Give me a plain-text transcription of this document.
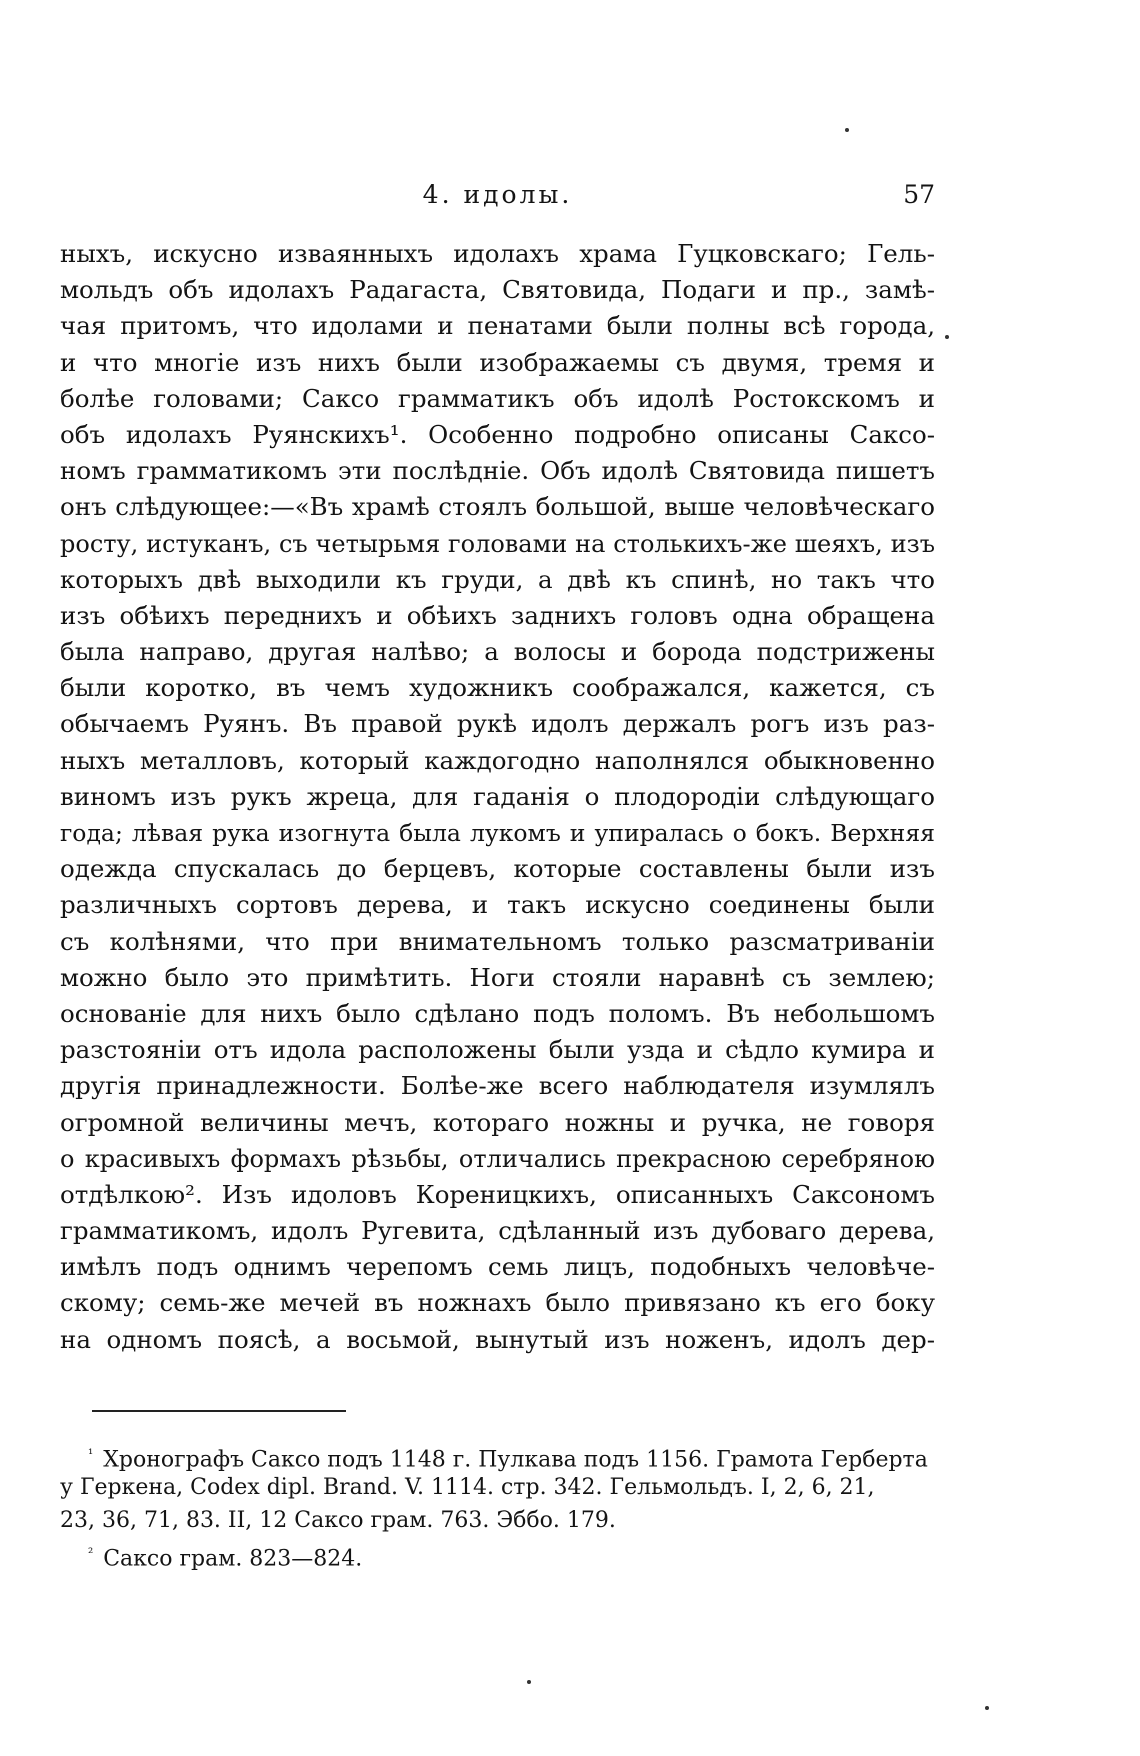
4. идолы.	57
ныхъ, искусно изваянныхъ идолахъ храма Гуцковскаго; Гель-
мольдъ объ идолахъ Радагаста, Святовида, Подаги и пр., замѣ-
чая притомъ, что идолами и пенатами были полны всѣ города,
и что многіе изъ нихъ были изображаемы съ двумя, тремя и
болѣе головами; Саксо грамматикъ объ идолѣ Ростокскомъ и
объ идолахъ Руянскихъ¹. Особенно подробно описаны Саксо-
номъ грамматикомъ эти послѣдніе. Объ идолѣ Святовида пишетъ
онъ слѣдующее:—«Въ храмѣ стоялъ большой, выше человѣческаго
росту, истуканъ, съ четырьмя головами на столькихъ-же шеяхъ, изъ
которыхъ двѣ выходили къ груди, а двѣ къ спинѣ, но такъ что
изъ обѣихъ переднихъ и обѣихъ заднихъ головъ одна обращена
была направо, другая налѣво; а волосы и борода подстрижены
были коротко, въ чемъ художникъ соображался, кажется, съ
обычаемъ Руянъ. Въ правой рукѣ идолъ держалъ рогъ изъ раз-
ныхъ металловъ, который каждогодно наполнялся обыкновенно
виномъ изъ рукъ жреца, для гаданія о плодородіи слѣдующаго
года; лѣвая рука изогнута была лукомъ и упиралась о бокъ. Верхняя
одежда спускалась до берцевъ, которые составлены были изъ
различныхъ сортовъ дерева, и такъ искусно соединены были
съ колѣнями, что при внимательномъ только разсматриваніи
можно было это примѣтить. Ноги стояли наравнѣ съ землею;
основаніе для нихъ было сдѣлано подъ поломъ. Въ небольшомъ
разстояніи отъ идола расположены были узда и сѣдло кумира и
другія принадлежности. Болѣе-же всего наблюдателя изумлялъ
огромной величины мечъ, котораго ножны и ручка, не говоря
о красивыхъ формахъ рѣзьбы, отличались прекрасною серебряною
отдѣлкою². Изъ идоловъ Кореницкихъ, описанныхъ Саксономъ
грамматикомъ, идолъ Ругевита, сдѣланный изъ дубоваго дерева,
имѣлъ подъ однимъ черепомъ семь лицъ, подобныхъ человѣче-
скому; семь-же мечей въ ножнахъ было привязано къ его боку
на одномъ поясѣ, а восьмой, вынутый изъ ноженъ, идолъ дер-
$^{^1}$ Хронографъ Саксо подъ 1148 г. Пулкава подъ 1156. Грамота Герберта
у Геркена, Codex dipl. Brand. V. 1114. стр. 342. Гельмольдъ. I, 2, 6, 21,
23, 36, 71, 83. II, 12 Саксо грам. 763. Эббо. 179.
$^{^2}$ Саксо грам. 823—824.
